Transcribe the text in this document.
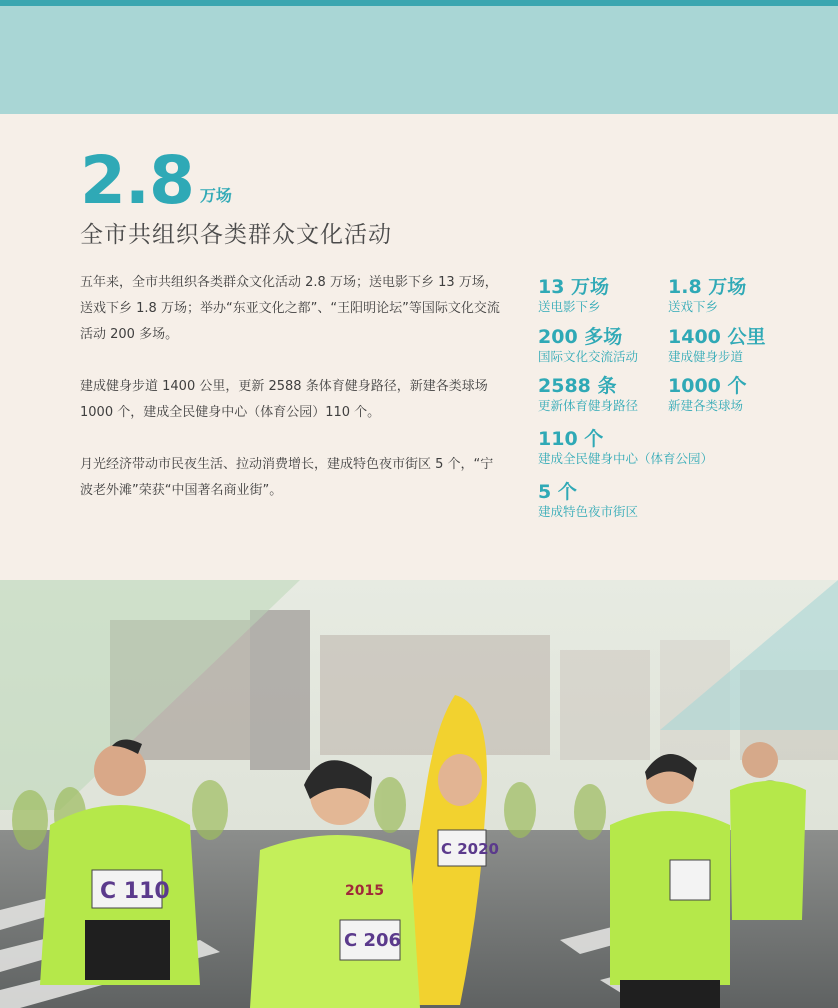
2.8 万场
全市共组织各类群众文化活动

五年来，全市共组织各类群众文化活动 2.8 万场；送电影下乡 13 万场，送戏下乡 1.8 万场；举办“东亚文化之都”、“王阳明论坛”等国际文化交流活动 200 多场。

建成健身步道 1400 公里，更新 2588 条体育健身路径，新建各类球场 1000 个，建成全民健身中心（体育公园）110 个。

月光经济带动市民夜生活、拉动消费增长，建成特色夜市街区 5 个，“宁波老外滩”荣获“中国著名商业街”。

13 万场
送电影下乡
1.8 万场
送戏下乡
200 多场
国际文化交流活动
1400 公里
建成健身步道
2588 条
更新体育健身路径
1000 个
新建各类球场
110 个
建成全民健身中心（体育公园）
5 个
建成特色夜市街区
C 110
C 2020
C 206
2015
